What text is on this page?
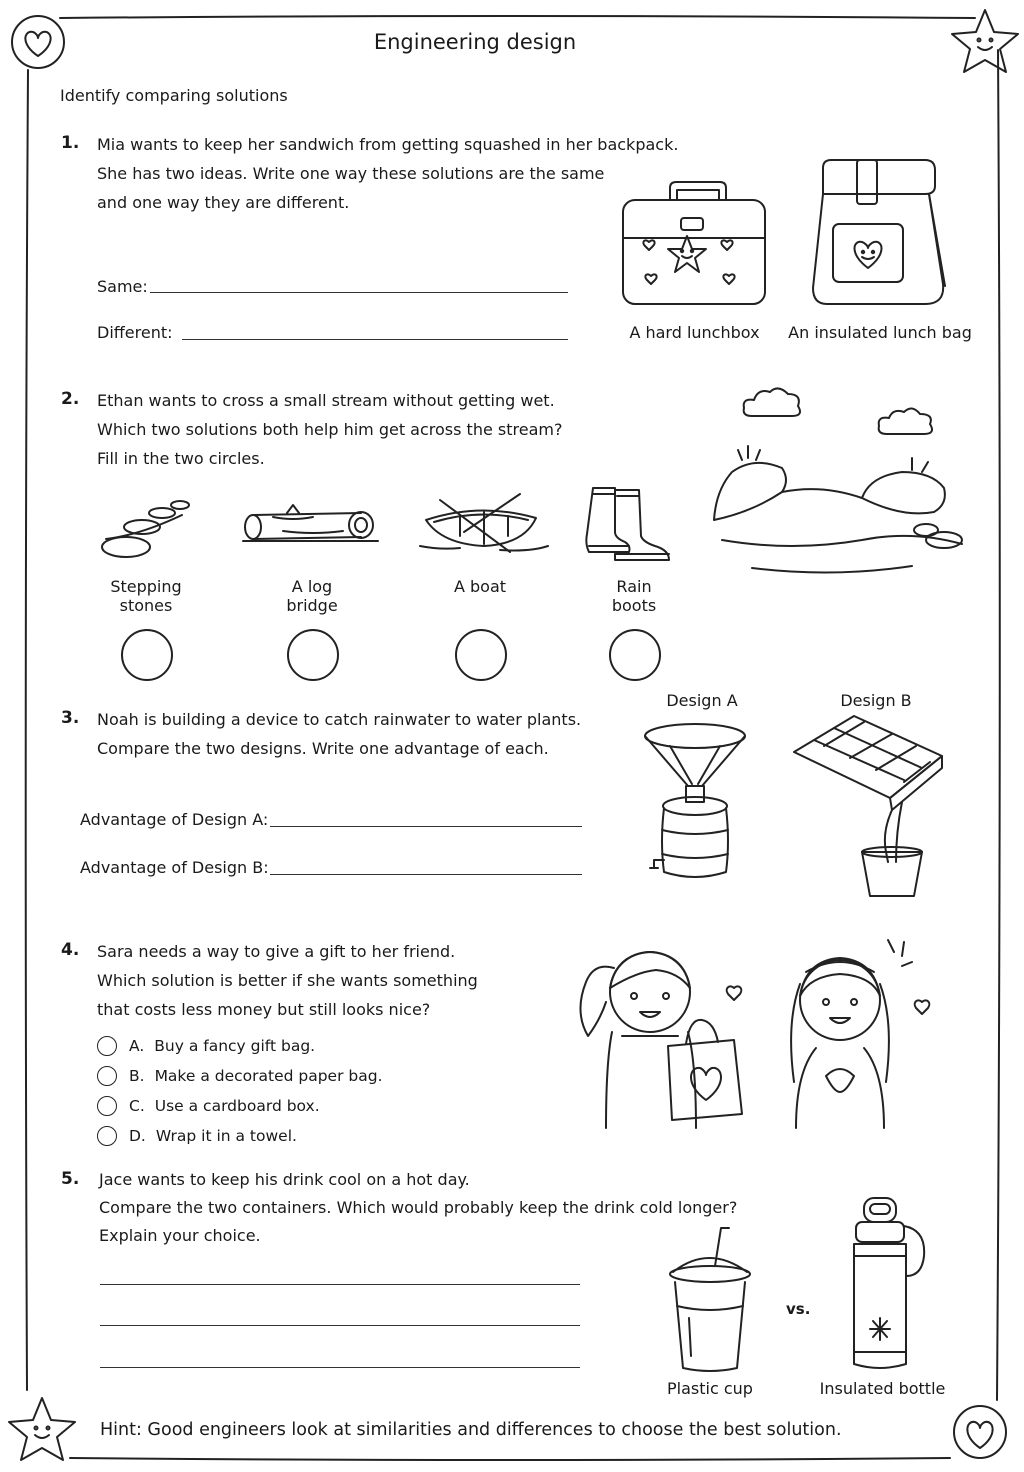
Engineering design
Identify comparing solutions
1. Mia wants to keep her sandwich from getting squashed in her backpack.
She has two ideas. Write one way these solutions are the same
and one way they are different.
Same:
Different:	A hard lunchbox	An insulated lunch bag
2. Ethan wants to cross a small stream without getting wet.
Which two solutions both help him get across the stream?
Fill in the two circles.
Stepping
stones
A log
bridge
A boat	Rain
boots
3. Noah is building a device to catch rainwater to water plants.
Compare the two designs. Write one advantage of each.
Advantage of Design A:
Advantage of Design B:
Design A	Design B
4. Sara needs a way to give a gift to her friend.
Which solution is better if she wants something
that costs less money but still looks nice?
A. Buy a fancy gift bag.
B. Make a decorated paper bag.
C. Use a cardboard box.
D. Wrap it in a towel.
5. Jace wants to keep his drink cool on a hot day.
Compare the two containers. Which would probably keep the drink cold longer?
Explain your choice.
vs.
Plastic cup	Insulated bottle
Hint: Good engineers look at similarities and differences to choose the best solution.
